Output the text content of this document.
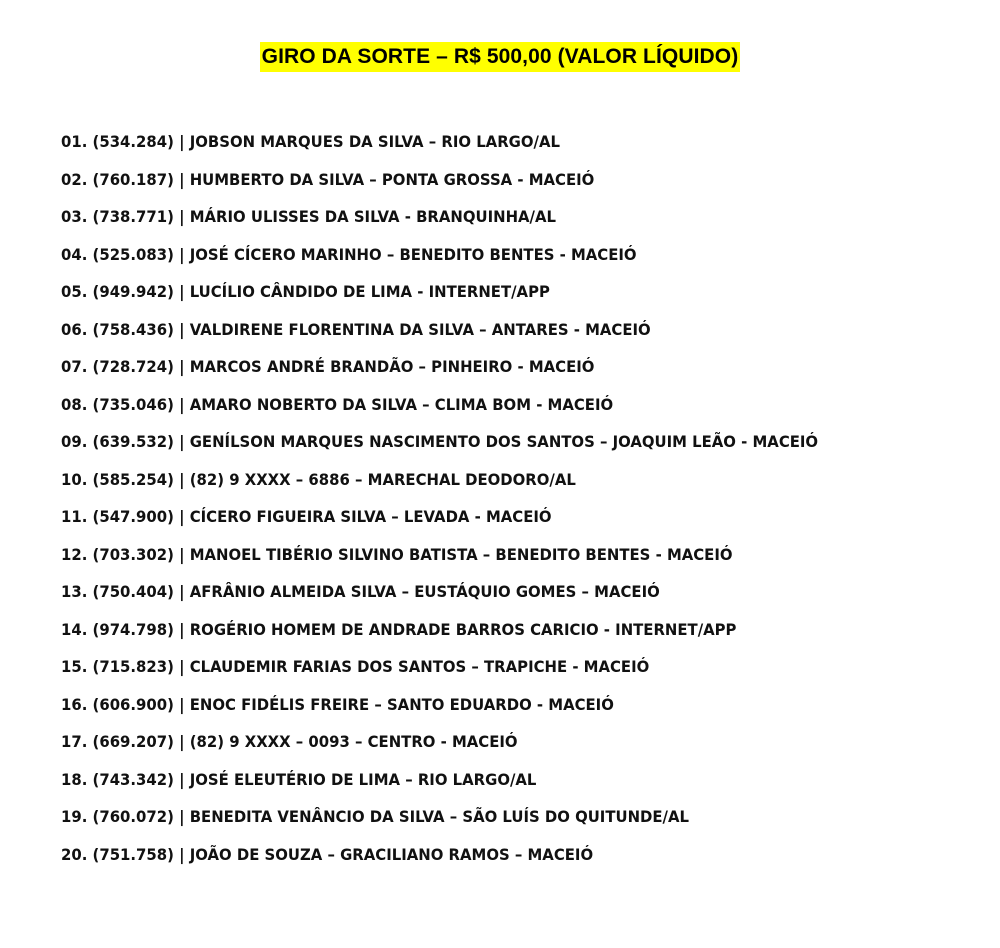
GIRO DA SORTE – R$ 500,00 (VALOR LÍQUIDO)
01. (534.284) | JOBSON MARQUES DA SILVA – RIO LARGO/AL
02. (760.187) | HUMBERTO DA SILVA – PONTA GROSSA - MACEIÓ
03. (738.771) | MÁRIO ULISSES DA SILVA - BRANQUINHA/AL
04. (525.083) | JOSÉ CÍCERO MARINHO – BENEDITO BENTES - MACEIÓ
05. (949.942) | LUCÍLIO CÂNDIDO DE LIMA - INTERNET/APP
06. (758.436) | VALDIRENE FLORENTINA DA SILVA – ANTARES - MACEIÓ
07. (728.724) | MARCOS ANDRÉ BRANDÃO – PINHEIRO - MACEIÓ
08. (735.046) | AMARO NOBERTO DA SILVA – CLIMA BOM - MACEIÓ
09. (639.532) | GENÍLSON MARQUES NASCIMENTO DOS SANTOS – JOAQUIM LEÃO - MACEIÓ
10. (585.254) | (82) 9 XXXX – 6886 – MARECHAL DEODORO/AL
11. (547.900) | CÍCERO FIGUEIRA SILVA – LEVADA - MACEIÓ
12. (703.302) | MANOEL TIBÉRIO SILVINO BATISTA – BENEDITO BENTES - MACEIÓ
13. (750.404) | AFRÂNIO ALMEIDA SILVA – EUSTÁQUIO GOMES – MACEIÓ
14. (974.798) | ROGÉRIO HOMEM DE ANDRADE BARROS CARICIO - INTERNET/APP
15. (715.823) | CLAUDEMIR FARIAS DOS SANTOS – TRAPICHE - MACEIÓ
16. (606.900) | ENOC FIDÉLIS FREIRE – SANTO EDUARDO - MACEIÓ
17. (669.207) | (82) 9 XXXX – 0093 – CENTRO - MACEIÓ
18. (743.342) | JOSÉ ELEUTÉRIO DE LIMA – RIO LARGO/AL
19. (760.072) | BENEDITA VENÂNCIO DA SILVA – SÃO LUÍS DO QUITUNDE/AL
20. (751.758) | JOÃO DE SOUZA – GRACILIANO RAMOS – MACEIÓ
